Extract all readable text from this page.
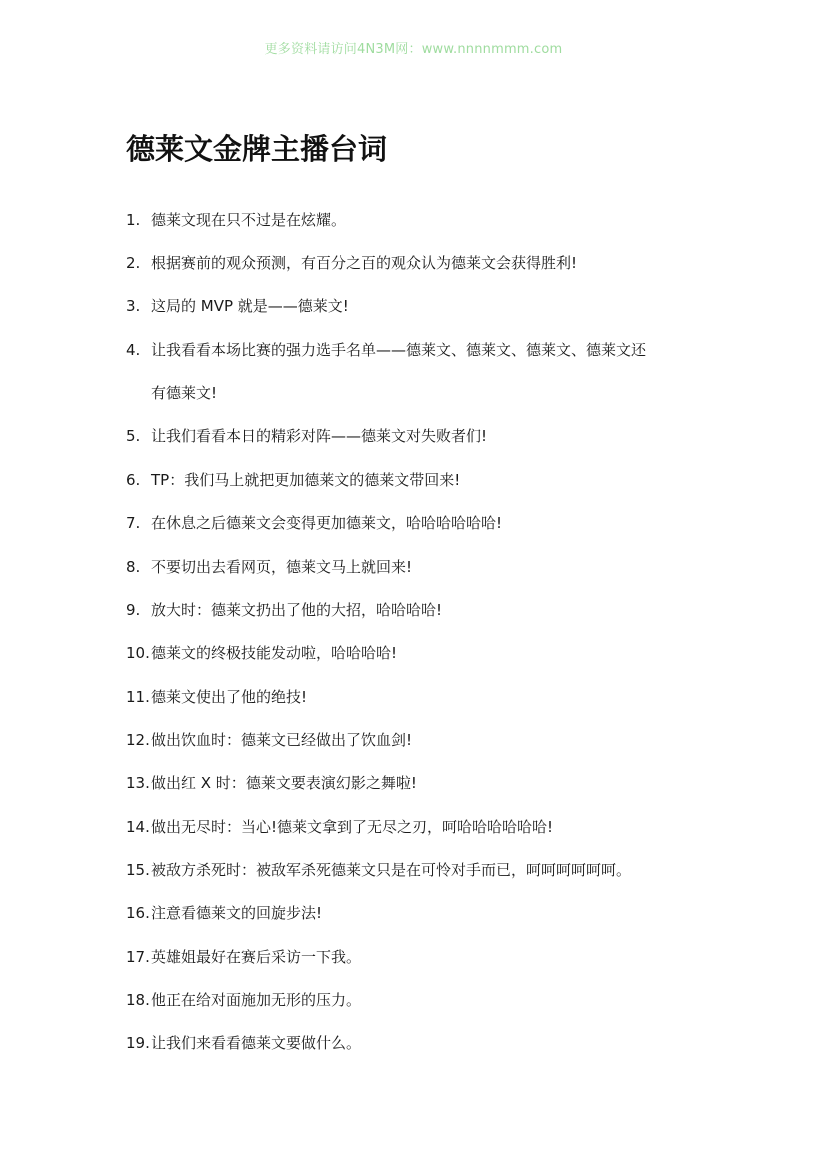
更多资料请访问4N3M网：www.nnnnmmm.com
德莱文金牌主播台词
1. 德莱文现在只不过是在炫耀。
2. 根据赛前的观众预测，有百分之百的观众认为德莱文会获得胜利!
3. 这局的 MVP 就是——德莱文!
4. 让我看看本场比赛的强力选手名单——德莱文、德莱文、德莱文、德莱文还
有德莱文!
5. 让我们看看本日的精彩对阵——德莱文对失败者们!
6. TP：我们马上就把更加德莱文的德莱文带回来!
7. 在休息之后德莱文会变得更加德莱文，哈哈哈哈哈哈!
8. 不要切出去看网页，德莱文马上就回来!
9. 放大时：德莱文扔出了他的大招，哈哈哈哈!
10.德莱文的终极技能发动啦，哈哈哈哈!
11.德莱文使出了他的绝技!
12.做出饮血时：德莱文已经做出了饮血剑!
13.做出红 X 时：德莱文要表演幻影之舞啦!
14.做出无尽时：当心!德莱文拿到了无尽之刃，呵哈哈哈哈哈哈!
15.被敌方杀死时：被敌军杀死德莱文只是在可怜对手而已，呵呵呵呵呵呵。
16.注意看德莱文的回旋步法!
17.英雄姐最好在赛后采访一下我。
18.他正在给对面施加无形的压力。
19.让我们来看看德莱文要做什么。
